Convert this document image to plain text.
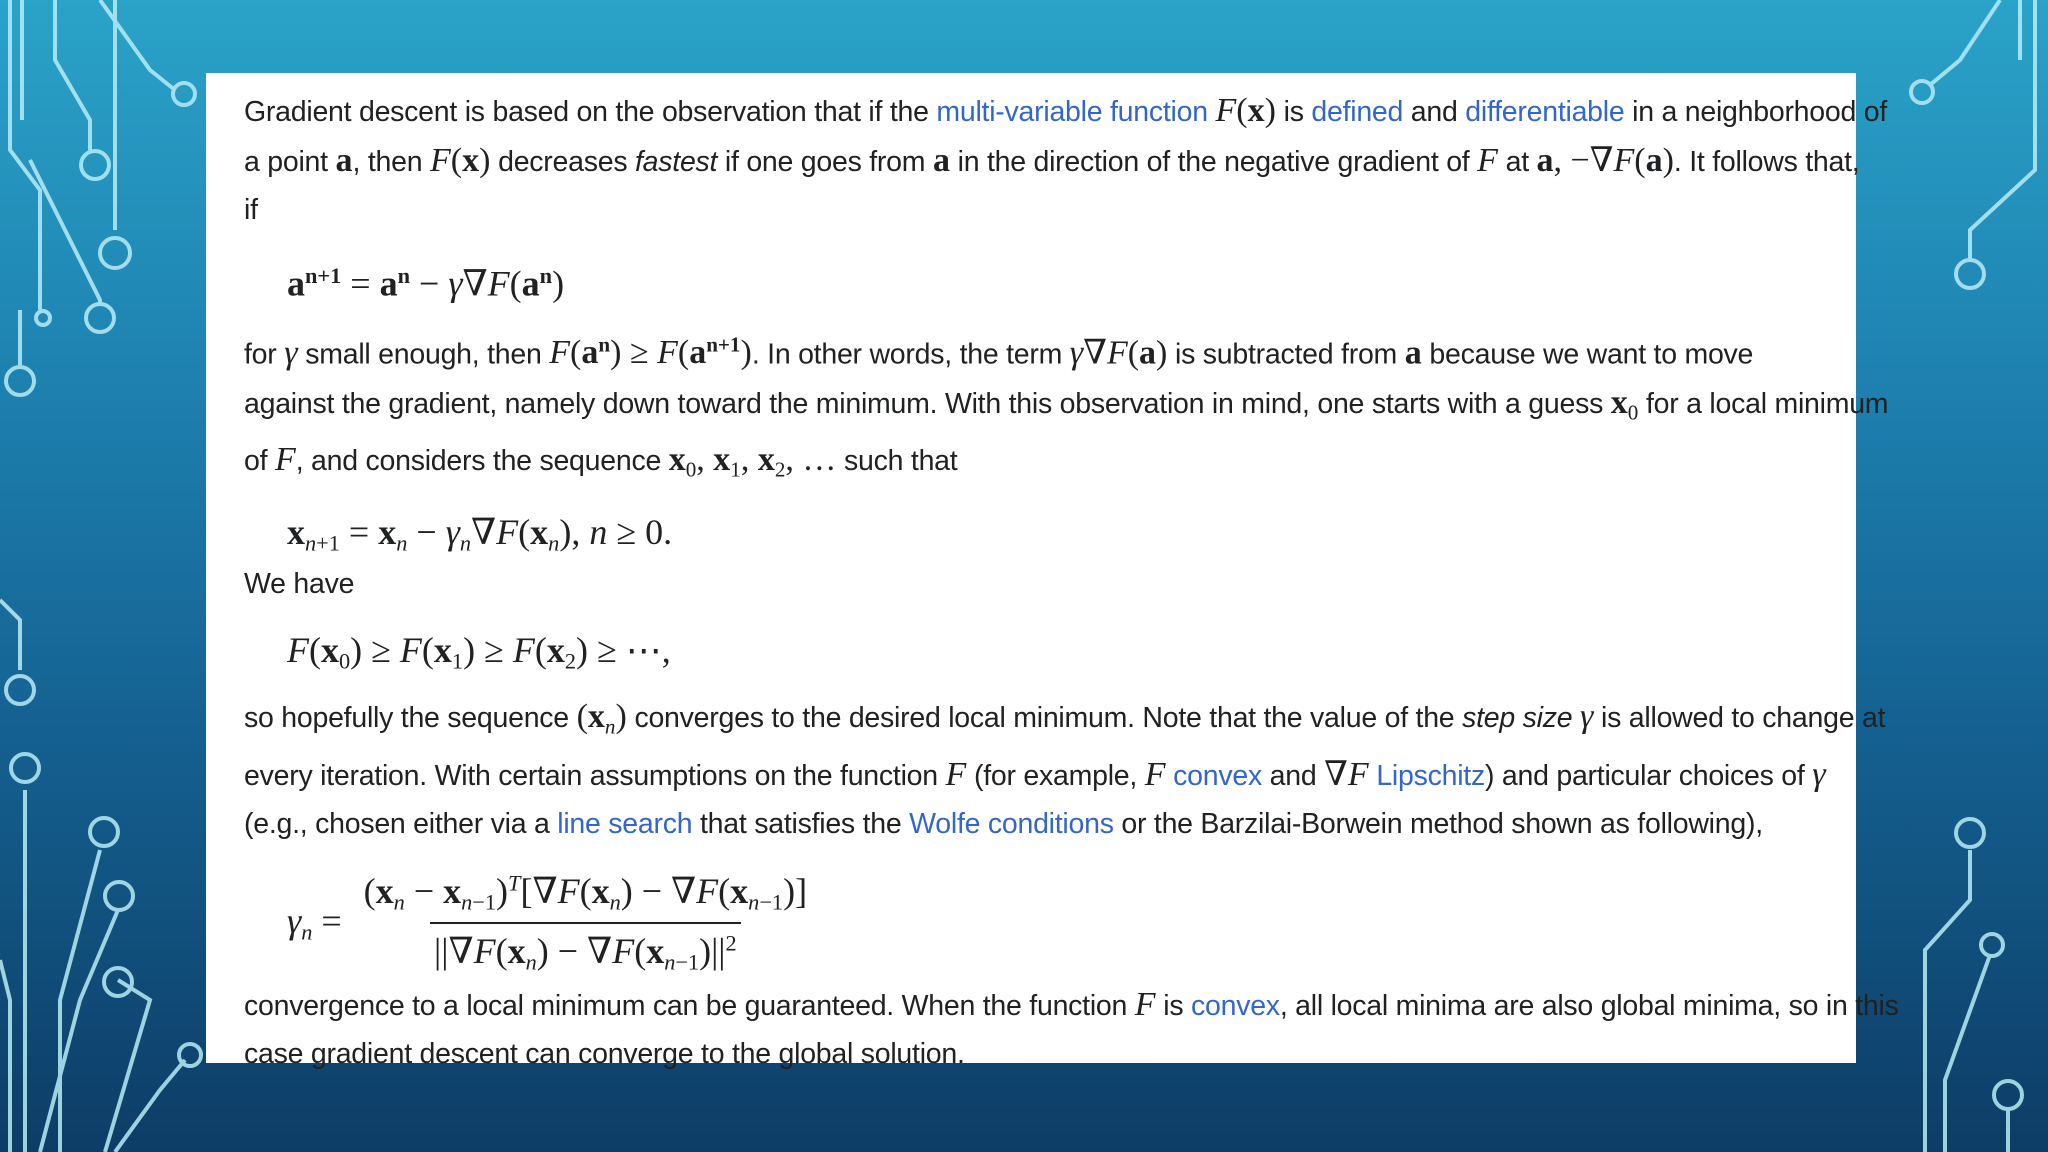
Gradient descent is based on the observation that if the multi-variable function F(x) is defined and differentiable in a neighborhood of
a point a, then F(x) decreases fastest if one goes from a in the direction of the negative gradient of F at a, −∇F(a). It follows that,
if

$a^{n+1} = a^n - \gamma\nabla F(a^n)$

for γ small enough, then $F(a^n) \ge F(a^{n+1})$. In other words, the term γ∇F(a) is subtracted from a because we want to move
against the gradient, namely down toward the minimum. With this observation in mind, one starts with a guess $x_0$ for a local minimum
of F, and considers the sequence $x_0$, $x_1$, $x_2$, … such that

$x_{n+1} = x_n - \gamma_n\nabla F(x_n)$, n ≥ 0.

We have

$F(x_0) \ge F(x_1) \ge F(x_2)$ ≥ ⋯,

so hopefully the sequence $(x_n)$ converges to the desired local minimum. Note that the value of the step size γ is allowed to change at
every iteration. With certain assumptions on the function F (for example, F convex and ∇F Lipschitz) and particular choices of γ
(e.g., chosen either via a line search that satisfies the Wolfe conditions or the Barzilai-Borwein method shown as following),

$\gamma_n = \frac{(x_n - x_{n-1})^T[\nabla F(x_n) - \nabla F(x_{n-1})]}{||\nabla F(x_n) - \nabla F(x_{n-1})||^2}$

convergence to a local minimum can be guaranteed. When the function F is convex, all local minima are also global minima, so in this
case gradient descent can converge to the global solution.
